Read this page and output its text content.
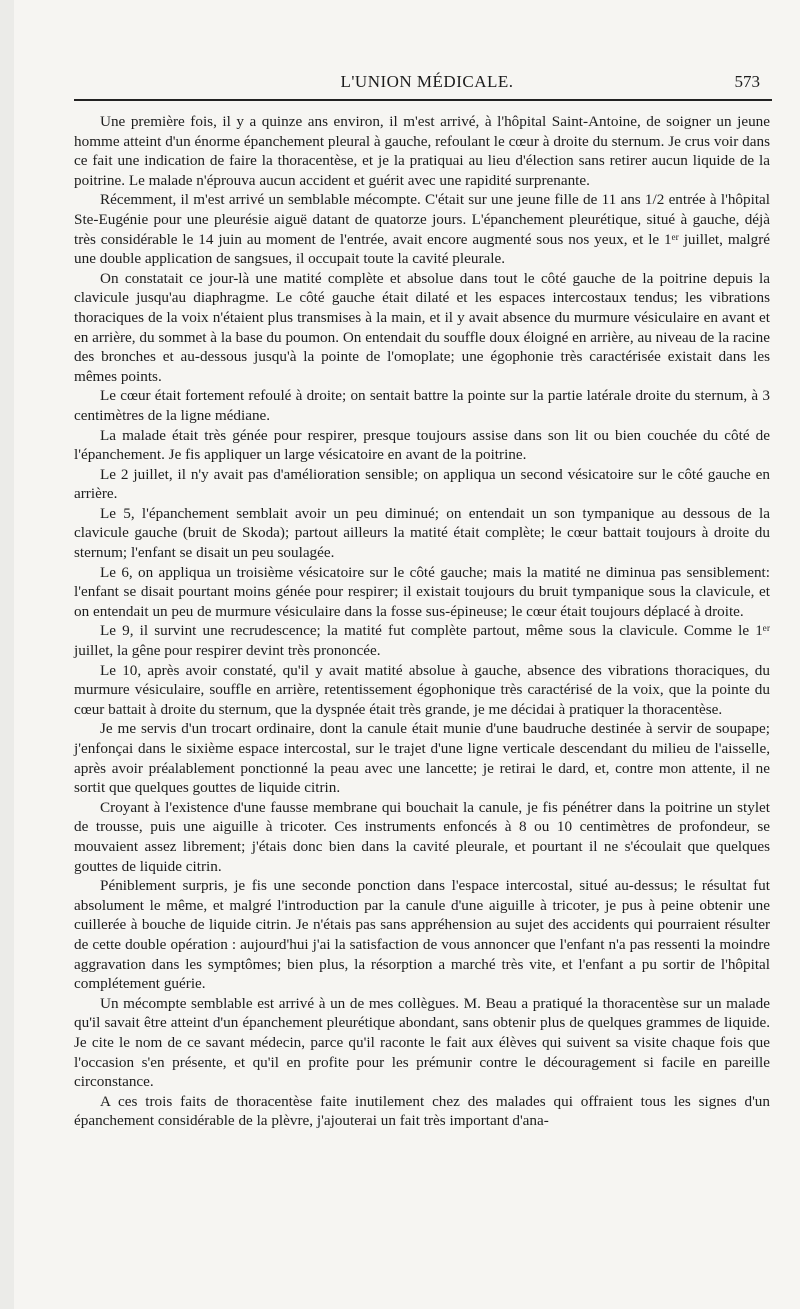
L'UNION MÉDICALE.	573

Une première fois, il y a quinze ans environ, il m'est arrivé, à l'hôpital Saint-Antoine, de soigner un jeune homme atteint d'un énorme épanchement pleural à gauche, refoulant le cœur à droite du sternum. Je crus voir dans ce fait une indication de faire la thoracentèse, et je la pratiquai au lieu d'élection sans retirer aucun liquide de la poitrine. Le malade n'éprouva aucun accident et guérit avec une rapidité surprenante.

Récemment, il m'est arrivé un semblable mécompte. C'était sur une jeune fille de 11 ans 1/2 entrée à l'hôpital Ste-Eugénie pour une pleurésie aiguë datant de quatorze jours. L'épanchement pleurétique, situé à gauche, déjà très considérable le 14 juin au moment de l'entrée, avait encore augmenté sous nos yeux, et le 1ᵉʳ juillet, malgré une double application de sangsues, il occupait toute la cavité pleurale.

On constatait ce jour-là une matité complète et absolue dans tout le côté gauche de la poitrine depuis la clavicule jusqu'au diaphragme. Le côté gauche était dilaté et les espaces intercostaux tendus; les vibrations thoraciques de la voix n'étaient plus transmises à la main, et il y avait absence du murmure vésiculaire en avant et en arrière, du sommet à la base du poumon. On entendait du souffle doux éloigné en arrière, au niveau de la racine des bronches et au-dessous jusqu'à la pointe de l'omoplate; une égophonie très caractérisée existait dans les mêmes points.

Le cœur était fortement refoulé à droite; on sentait battre la pointe sur la partie latérale droite du sternum, à 3 centimètres de la ligne médiane.

La malade était très génée pour respirer, presque toujours assise dans son lit ou bien couchée du côté de l'épanchement. Je fis appliquer un large vésicatoire en avant de la poitrine.

Le 2 juillet, il n'y avait pas d'amélioration sensible; on appliqua un second vésicatoire sur le côté gauche en arrière.

Le 5, l'épanchement semblait avoir un peu diminué; on entendait un son tympanique au dessous de la clavicule gauche (bruit de Skoda); partout ailleurs la matité était complète; le cœur battait toujours à droite du sternum; l'enfant se disait un peu soulagée.

Le 6, on appliqua un troisième vésicatoire sur le côté gauche; mais la matité ne diminua pas sensiblement: l'enfant se disait pourtant moins génée pour respirer; il existait toujours du bruit tympanique sous la clavicule, et on entendait un peu de murmure vésiculaire dans la fosse sus-épineuse; le cœur était toujours déplacé à droite.

Le 9, il survint une recrudescence; la matité fut complète partout, même sous la clavicule. Comme le 1ᵉʳ juillet, la gêne pour respirer devint très prononcée.

Le 10, après avoir constaté, qu'il y avait matité absolue à gauche, absence des vibrations thoraciques, du murmure vésiculaire, souffle en arrière, retentissement égophonique très caractérisé de la voix, que la pointe du cœur battait à droite du sternum, que la dyspnée était très grande, je me décidai à pratiquer la thoracentèse.

Je me servis d'un trocart ordinaire, dont la canule était munie d'une baudruche destinée à servir de soupape; j'enfonçai dans le sixième espace intercostal, sur le trajet d'une ligne verticale descendant du milieu de l'aisselle, après avoir préalablement ponctionné la peau avec une lancette; je retirai le dard, et, contre mon attente, il ne sortit que quelques gouttes de liquide citrin.

Croyant à l'existence d'une fausse membrane qui bouchait la canule, je fis pénétrer dans la poitrine un stylet de trousse, puis une aiguille à tricoter. Ces instruments enfoncés à 8 ou 10 centimètres de profondeur, se mouvaient assez librement; j'étais donc bien dans la cavité pleurale, et pourtant il ne s'écoulait que quelques gouttes de liquide citrin.

Péniblement surpris, je fis une seconde ponction dans l'espace intercostal, situé au-dessus; le résultat fut absolument le même, et malgré l'introduction par la canule d'une aiguille à tricoter, je pus à peine obtenir une cuillerée à bouche de liquide citrin. Je n'étais pas sans appréhension au sujet des accidents qui pourraient résulter de cette double opération : aujourd'hui j'ai la satisfaction de vous annoncer que l'enfant n'a pas ressenti la moindre aggravation dans les symptômes; bien plus, la résorption a marché très vite, et l'enfant a pu sortir de l'hôpital complétement guérie.

Un mécompte semblable est arrivé à un de mes collègues. M. Beau a pratiqué la thoracentèse sur un malade qu'il savait être atteint d'un épanchement pleurétique abondant, sans obtenir plus de quelques grammes de liquide. Je cite le nom de ce savant médecin, parce qu'il raconte le fait aux élèves qui suivent sa visite chaque fois que l'occasion s'en présente, et qu'il en profite pour les prémunir contre le découragement si facile en pareille circonstance.

A ces trois faits de thoracentèse faite inutilement chez des malades qui offraient tous les signes d'un épanchement considérable de la plèvre, j'ajouterai un fait très important d'ana-
